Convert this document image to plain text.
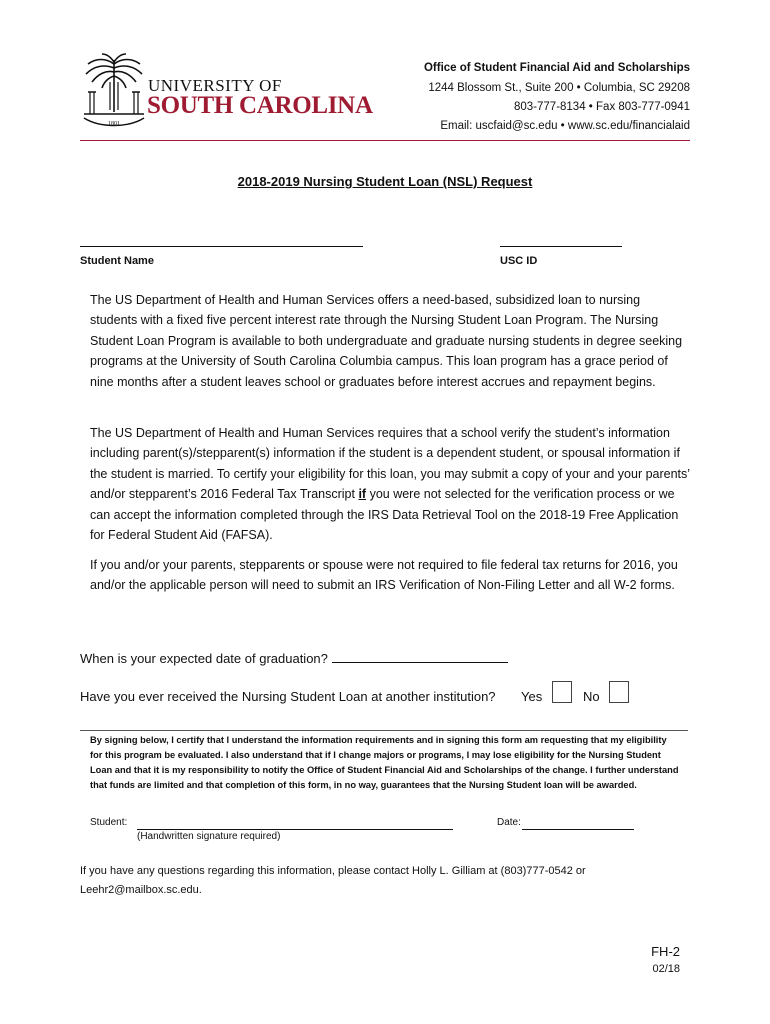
1801
UNIVERSITY OF
SOUTH CAROLINA
Office of Student Financial Aid and Scholarships
1244 Blossom St., Suite 200 • Columbia, SC 29208
803-777-8134 • Fax 803-777-0941
Email: uscfaid@sc.edu • www.sc.edu/financialaid
2018-2019 Nursing Student Loan (NSL) Request
Student Name	USC ID
The US Department of Health and Human Services offers a need-based, subsidized loan to nursing students with a fixed five percent interest rate through the Nursing Student Loan Program. The Nursing Student Loan Program is available to both undergraduate and graduate nursing students in degree seeking programs at the University of South Carolina Columbia campus. This loan program has a grace period of nine months after a student leaves school or graduates before interest accrues and repayment begins.
The US Department of Health and Human Services requires that a school verify the student’s information including parent(s)/stepparent(s) information if the student is a dependent student, or spousal information if the student is married. To certify your eligibility for this loan, you may submit a copy of your and your parents’ and/or stepparent’s 2016 Federal Tax Transcript if you were not selected for the verification process or we can accept the information completed through the IRS Data Retrieval Tool on the 2018-19 Free Application for Federal Student Aid (FAFSA).
If you and/or your parents, stepparents or spouse were not required to file federal tax returns for 2016, you and/or the applicable person will need to submit an IRS Verification of Non-Filing Letter and all W-2 forms.
When is your expected date of graduation?
Have you ever received the Nursing Student Loan at another institution? Yes	No
By signing below, I certify that I understand the information requirements and in signing this form am requesting that my eligibility for this program be evaluated. I also understand that if I change majors or programs, I may lose eligibility for the Nursing Student Loan and that it is my responsibility to notify the Office of Student Financial Aid and Scholarships of the change. I further understand that funds are limited and that completion of this form, in no way, guarantees that the Nursing Student loan will be awarded.
Student:
(Handwritten signature required)
Date:
If you have any questions regarding this information, please contact Holly L. Gilliam at (803)777-0542 or Leehr2@mailbox.sc.edu.
FH-2
02/18
